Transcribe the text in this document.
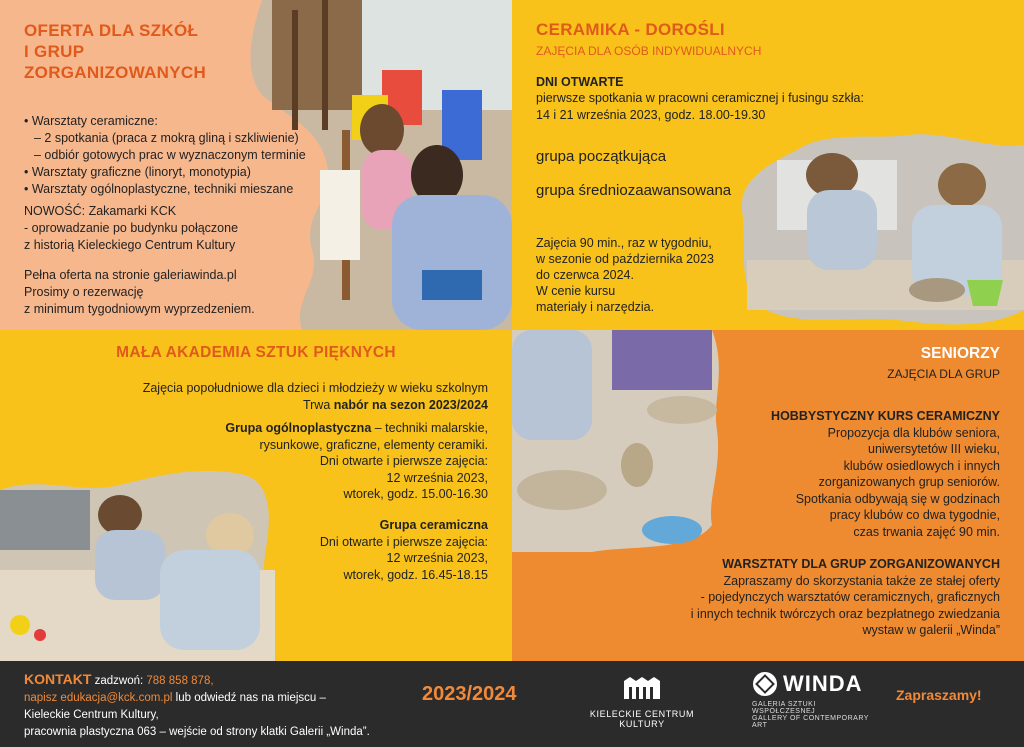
OFERTA DLA SZKÓŁ
I GRUP
ZORGANIZOWANYCH
• Warsztaty ceramiczne:
– 2 spotkania (praca z mokrą gliną i szkliwienie)
– odbiór gotowych prac w wyznaczonym terminie
• Warsztaty graficzne (linoryt, monotypia)
• Warsztaty ogólnoplastyczne, techniki mieszane
NOWOŚĆ: Zakamarki KCK
- oprowadzanie po budynku połączone
z historią Kieleckiego Centrum Kultury
Pełna oferta na stronie galeriawinda.pl
Prosimy o rezerwację
z minimum tygodniowym wyprzedzeniem.
CERAMIKA - DOROŚLI
ZAJĘCIA DLA OSÓB INDYWIDUALNYCH
DNI OTWARTE
pierwsze spotkania w pracowni ceramicznej i fusingu szkła:
14 i 21 września 2023, godz. 18.00-19.30
grupa początkująca
grupa średniozaawansowana
Zajęcia 90 min., raz w tygodniu,
w sezonie od października 2023
do czerwca 2024.
W cenie kursu
materiały i narzędzia.
MAŁA AKADEMIA SZTUK PIĘKNYCH
Zajęcia popołudniowe dla dzieci i młodzieży w wieku szkolnym
Trwa nabór na sezon 2023/2024
Grupa ogólnoplastyczna – techniki malarskie,
rysunkowe, graficzne, elementy ceramiki.
Dni otwarte i pierwsze zajęcia:
12 września 2023,
wtorek, godz. 15.00-16.30
Grupa ceramiczna
Dni otwarte i pierwsze zajęcia:
12 września 2023,
wtorek, godz. 16.45-18.15
SENIORZY
ZAJĘCIA DLA GRUP
HOBBYSTYCZNY KURS CERAMICZNY
Propozycja dla klubów seniora,
uniwersytetów III wieku,
klubów osiedlowych i innych
zorganizowanych grup seniorów.
Spotkania odbywają się w godzinach
pracy klubów co dwa tygodnie,
czas trwania zajęć 90 min.
WARSZTATY DLA GRUP ZORGANIZOWANYCH
Zapraszamy do skorzystania także ze stałej oferty
- pojedynczych warsztatów ceramicznych, graficznych
i innych technik twórczych oraz bezpłatnego zwiedzania
wystaw w galerii „Winda”
KONTAKT zadzwoń: 788 858 878,
napisz edukacja@kck.com.pl lub odwiedź nas na miejscu –
Kieleckie Centrum Kultury,
pracownia plastyczna 063 – wejście od strony klatki Galerii „Winda”.
2023/2024
KIELECKIE CENTRUM KULTURY
WINDA
GALERIA SZTUKI WSPÓŁCZESNEJ
GALLERY OF CONTEMPORARY ART
Zapraszamy!
